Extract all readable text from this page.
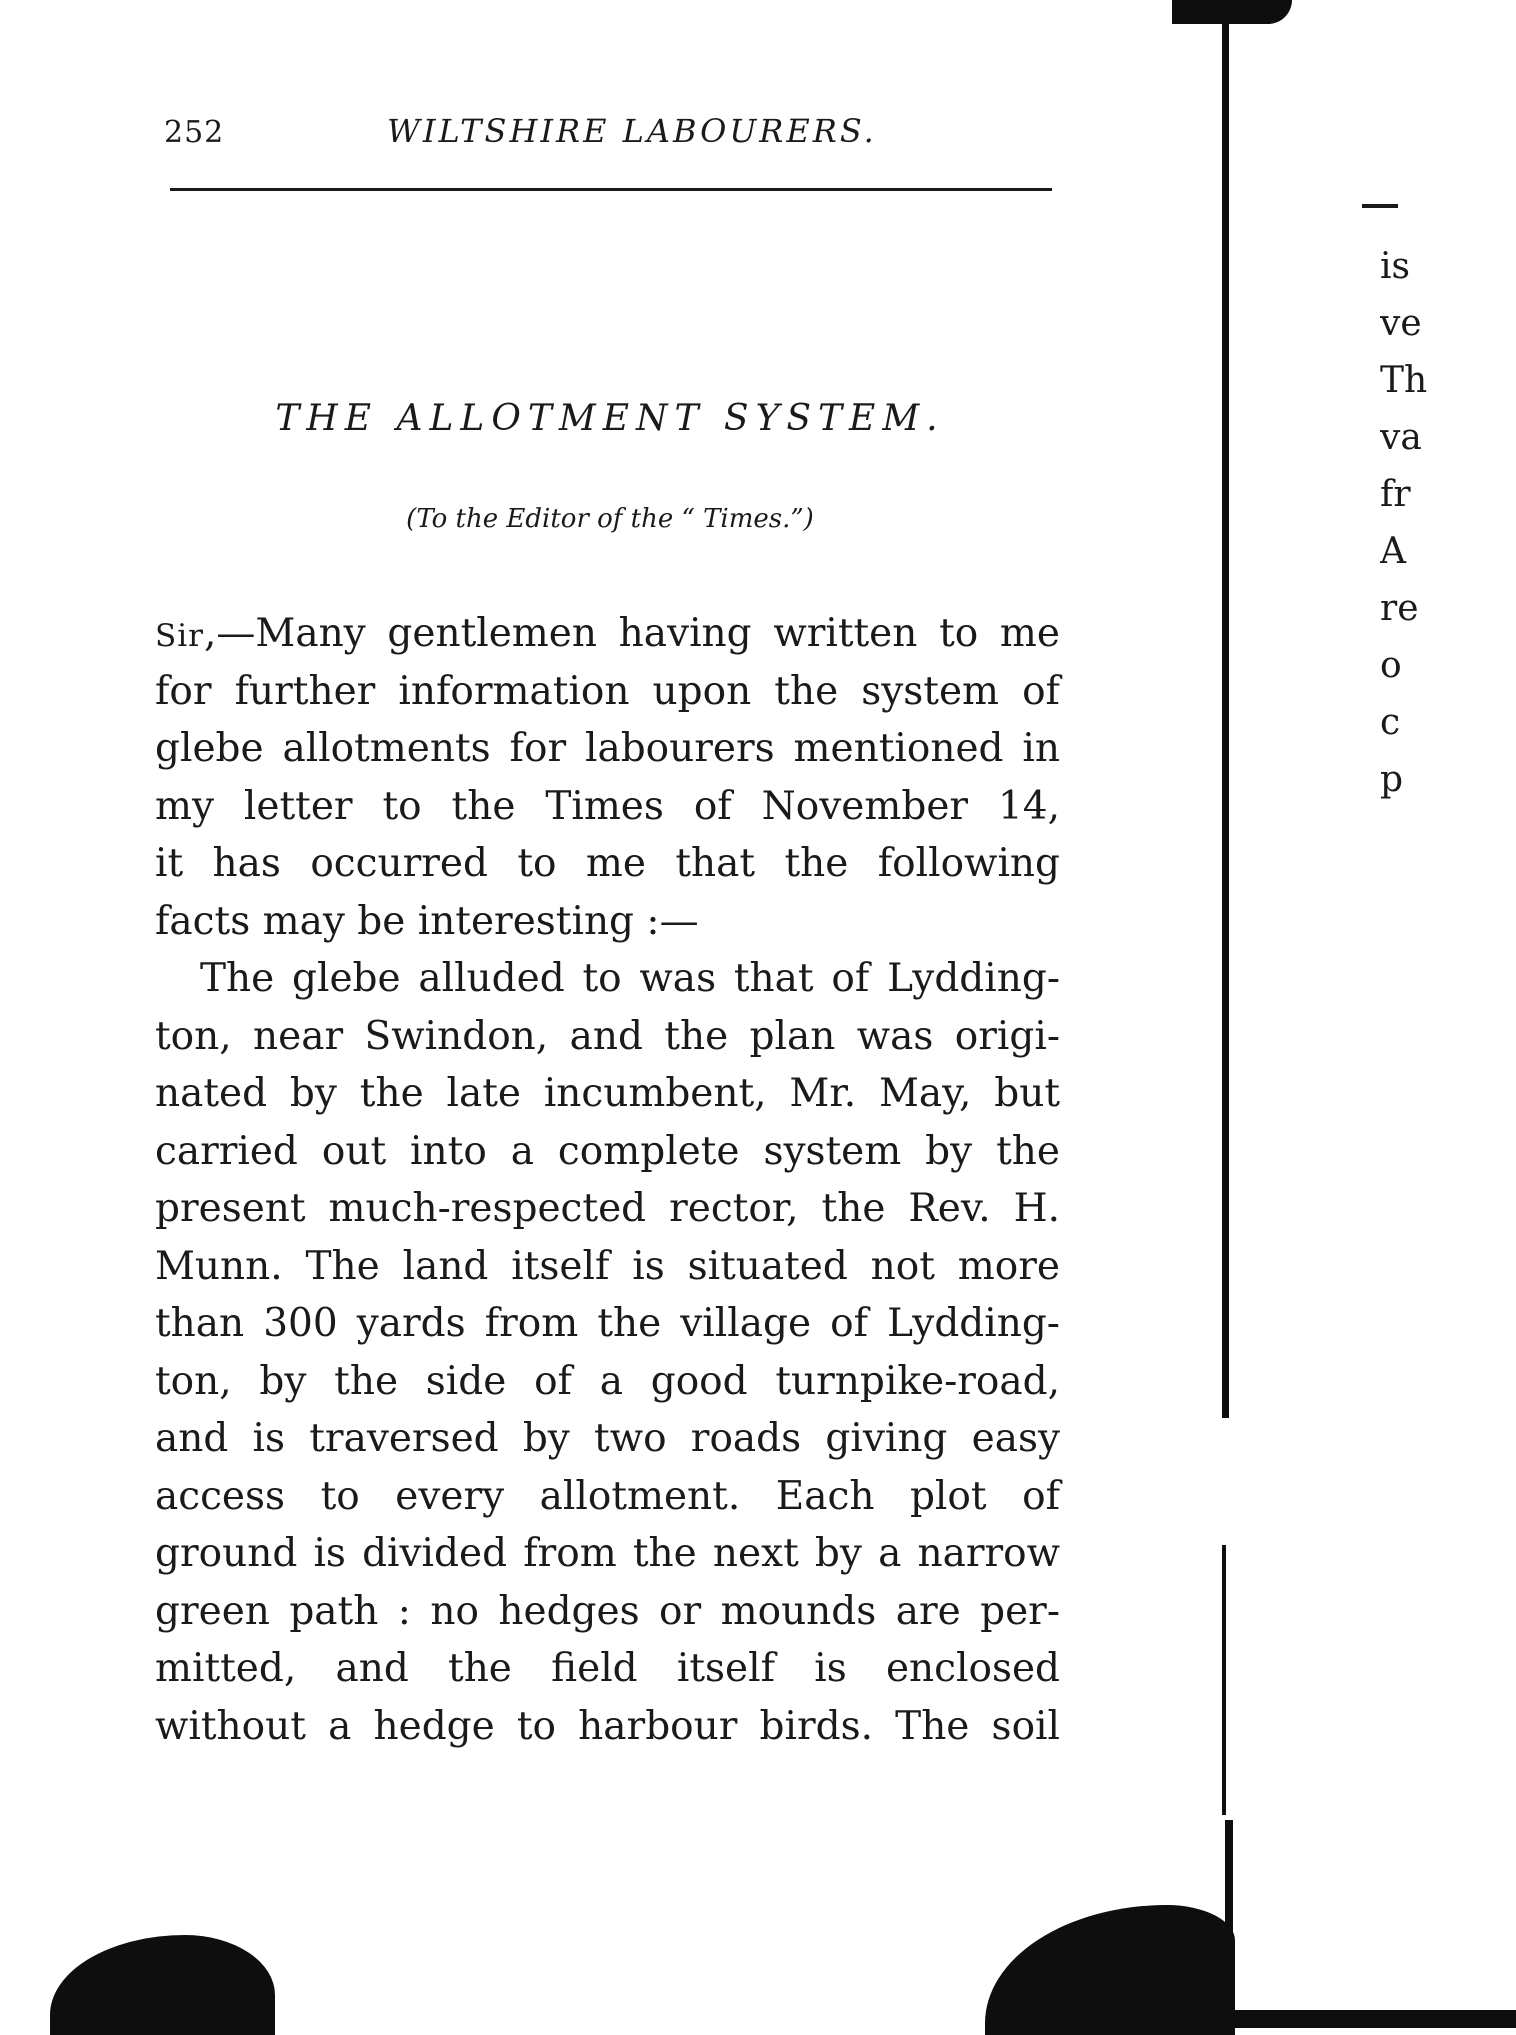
252	WILTSHIRE LABOURERS.
THE ALLOTMENT SYSTEM.
(To the Editor of the “ Times.”)
Sir,—Many gentlemen having written to me
for further information upon the system of
glebe allotments for labourers mentioned in
my letter to the Times of November 14,
it has occurred to me that the following
facts may be interesting :—
The glebe alluded to was that of Lydding-
ton, near Swindon, and the plan was origi-
nated by the late incumbent, Mr. May, but
carried out into a complete system by the
present much-respected rector, the Rev. H.
Munn. The land itself is situated not more
than 300 yards from the village of Lydding-
ton, by the side of a good turnpike-road,
and is traversed by two roads giving easy
access to every allotment. Each plot of
ground is divided from the next by a narrow
green path : no hedges or mounds are per-
mitted, and the field itself is enclosed
without a hedge to harbour birds. The soil
is
ve
Th
va
fr
A
re
o
c
p
